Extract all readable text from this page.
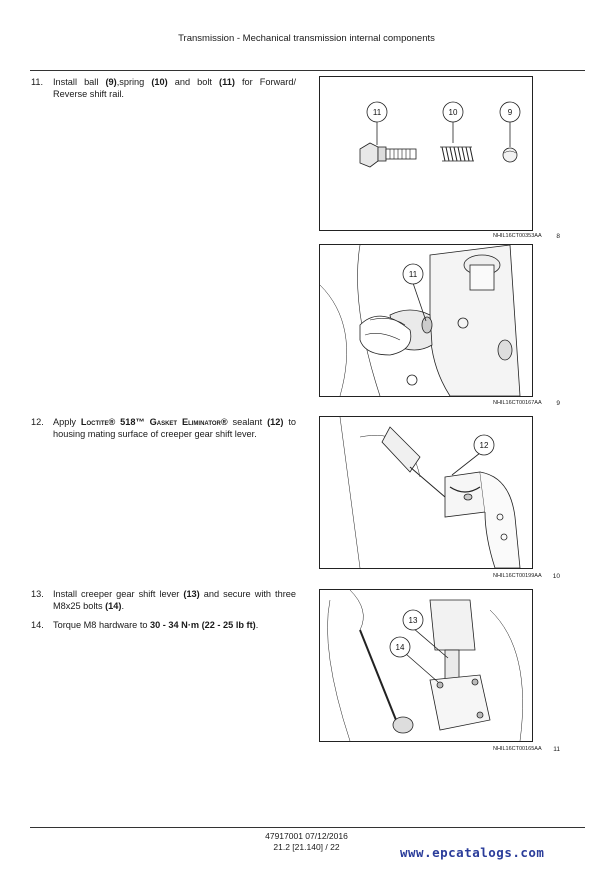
Transmission - Mechanical transmission internal components
11. Install ball (9),spring (10) and bolt (11) for Forward/ Reverse shift rail.
12. Apply Loctite® 518™ Gasket Eliminator® sealant (12) to housing mating surface of creeper gear shift lever.
13. Install creeper gear shift lever (13) and secure with three M8x25 bolts (14).
14. Torque M8 hardware to 30 - 34 N·m (22 - 25 lb ft).
11	10	9
NHIL16CT00353AA 8
11
NHIL16CT00167AA 9
12
NHIL16CT00199AA 10
13
14
NHIL16CT00165AA 11
47917001 07/12/2016
21.2 [21.140] / 22	www.epcatalogs.com
